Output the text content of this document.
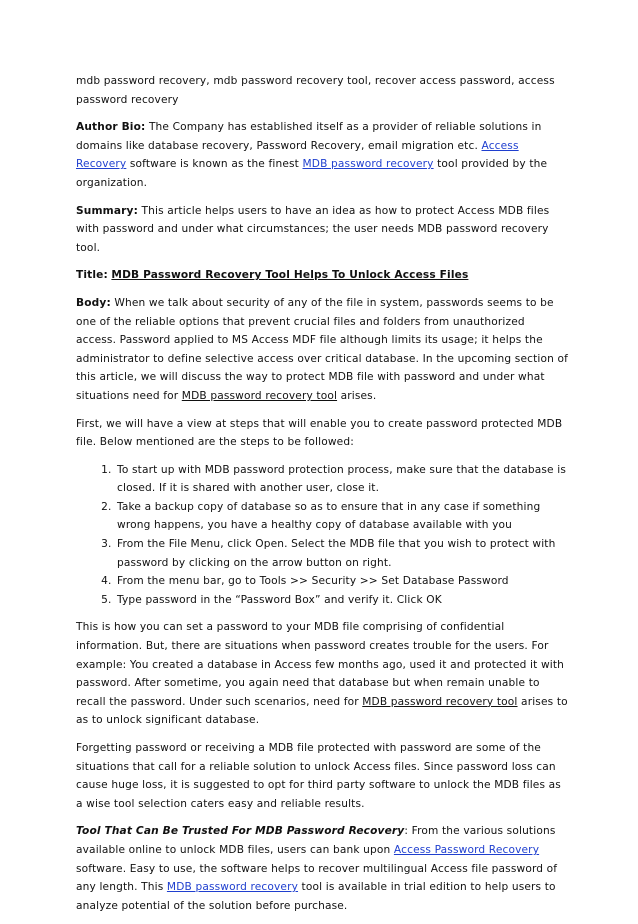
mdb password recovery, mdb password recovery tool, recover access password, access password recovery

Author Bio: The Company has established itself as a provider of reliable solutions in domains like database recovery, Password Recovery, email migration etc. Access Recovery software is known as the finest MDB password recovery tool provided by the organization.

Summary: This article helps users to have an idea as how to protect Access MDB files with password and under what circumstances; the user needs MDB password recovery tool.

Title: MDB Password Recovery Tool Helps To Unlock Access Files

Body: When we talk about security of any of the file in system, passwords seems to be one of the reliable options that prevent crucial files and folders from unauthorized access. Password applied to MS Access MDF file although limits its usage; it helps the administrator to define selective access over critical database. In the upcoming section of this article, we will discuss the way to protect MDB file with password and under what situations need for MDB password recovery tool arises.

First, we will have a view at steps that will enable you to create password protected MDB file. Below mentioned are the steps to be followed:

1. To start up with MDB password protection process, make sure that the database is closed. If it is shared with another user, close it.
2. Take a backup copy of database so as to ensure that in any case if something wrong happens, you have a healthy copy of database available with you
3. From the File Menu, click Open. Select the MDB file that you wish to protect with password by clicking on the arrow button on right.
4. From the menu bar, go to Tools >> Security >> Set Database Password
5. Type password in the “Password Box” and verify it. Click OK

This is how you can set a password to your MDB file comprising of confidential information. But, there are situations when password creates trouble for the users. For example: You created a database in Access few months ago, used it and protected it with password. After sometime, you again need that database but when remain unable to recall the password. Under such scenarios, need for MDB password recovery tool arises to as to unlock significant database.

Forgetting password or receiving a MDB file protected with password are some of the situations that call for a reliable solution to unlock Access files. Since password loss can cause huge loss, it is suggested to opt for third party software to unlock the MDB files as a wise tool selection caters easy and reliable results.

Tool That Can Be Trusted For MDB Password Recovery: From the various solutions available online to unlock MDB files, users can bank upon Access Password Recovery software. Easy to use, the software helps to recover multilingual Access file password of any length. This MDB password recovery tool is available in trial edition to help users to analyze potential of the solution before purchase.
